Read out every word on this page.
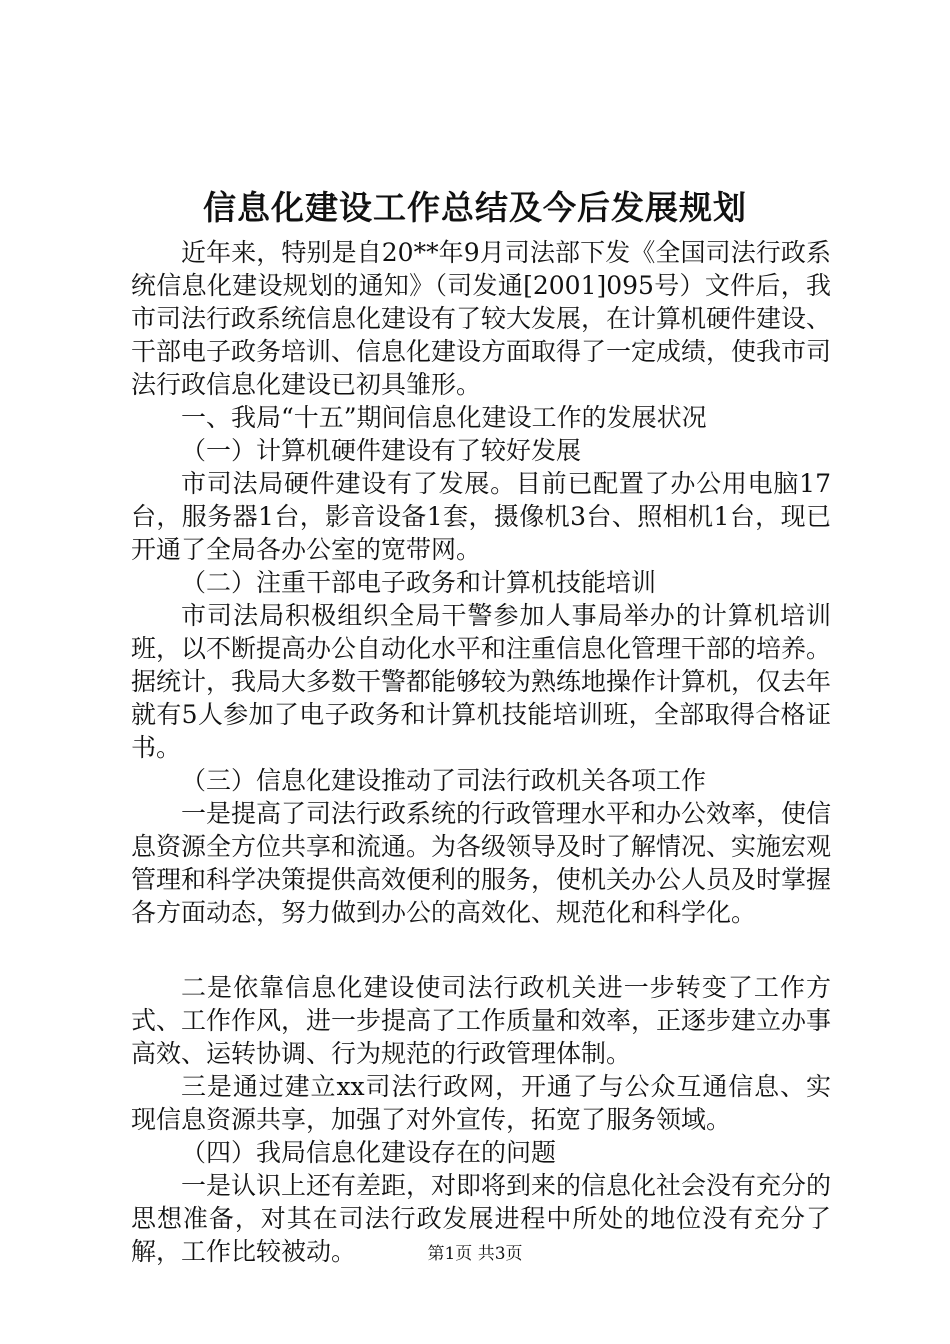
信息化建设工作总结及今后发展规划

近年来，特别是自20**年9月司法部下发《全国司法行政系统信息化建设规划的通知》（司发通[2001]095号）文件后，我市司法行政系统信息化建设有了较大发展，在计算机硬件建设、干部电子政务培训、信息化建设方面取得了一定成绩，使我市司法行政信息化建设已初具雏形。

一、我局“十五”期间信息化建设工作的发展状况

（一）计算机硬件建设有了较好发展

市司法局硬件建设有了发展。目前已配置了办公用电脑17台，服务器1台，影音设备1套，摄像机3台、照相机1台，现已开通了全局各办公室的宽带网。

（二）注重干部电子政务和计算机技能培训

市司法局积极组织全局干警参加人事局举办的计算机培训班，以不断提高办公自动化水平和注重信息化管理干部的培养。据统计，我局大多数干警都能够较为熟练地操作计算机，仅去年就有5人参加了电子政务和计算机技能培训班，全部取得合格证书。

（三）信息化建设推动了司法行政机关各项工作

一是提高了司法行政系统的行政管理水平和办公效率，使信息资源全方位共享和流通。为各级领导及时了解情况、实施宏观管理和科学决策提供高效便利的服务，使机关办公人员及时掌握各方面动态，努力做到办公的高效化、规范化和科学化。

二是依靠信息化建设使司法行政机关进一步转变了工作方式、工作作风，进一步提高了工作质量和效率，正逐步建立办事高效、运转协调、行为规范的行政管理体制。

三是通过建立xx司法行政网，开通了与公众互通信息、实现信息资源共享，加强了对外宣传，拓宽了服务领域。

（四）我局信息化建设存在的问题

一是认识上还有差距，对即将到来的信息化社会没有充分的思想准备，对其在司法行政发展进程中所处的地位没有充分了解，工作比较被动。	第1页 共3页
